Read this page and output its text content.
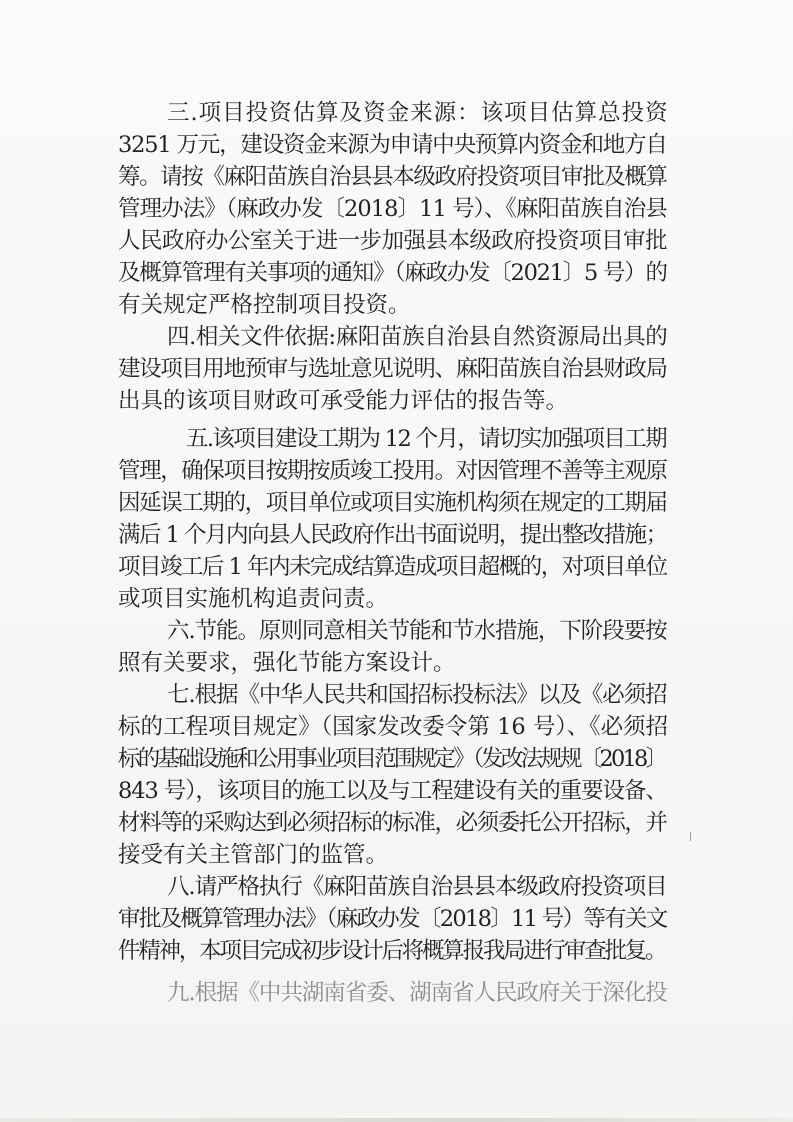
三.项目投资估算及资金来源：该项目估算总投资
3251 万元，建设资金来源为申请中央预算内资金和地方自
筹。请按《麻阳苗族自治县县本级政府投资项目审批及概算
管理办法》（麻政办发〔2018〕11 号）、《麻阳苗族自治县
人民政府办公室关于进一步加强县本级政府投资项目审批
及概算管理有关事项的通知》（麻政办发〔2021〕5 号）的
有关规定严格控制项目投资。
四.相关文件依据:麻阳苗族自治县自然资源局出具的
建设项目用地预审与选址意见说明、麻阳苗族自治县财政局
出具的该项目财政可承受能力评估的报告等。
五.该项目建设工期为 12 个月，请切实加强项目工期
管理，确保项目按期按质竣工投用。对因管理不善等主观原
因延误工期的，项目单位或项目实施机构须在规定的工期届
满后 1 个月内向县人民政府作出书面说明，提出整改措施；
项目竣工后 1 年内未完成结算造成项目超概的，对项目单位
或项目实施机构追责问责。
六.节能。原则同意相关节能和节水措施，下阶段要按
照有关要求，强化节能方案设计。
七.根据《中华人民共和国招标投标法》以及《必须招
标的工程项目规定》（国家发改委令第 16 号）、《必须招
标的基础设施和公用事业项目范围规定》（发改法规规〔2018〕
843 号），该项目的施工以及与工程建设有关的重要设备、
材料等的采购达到必须招标的标准，必须委托公开招标，并
接受有关主管部门的监管。
八.请严格执行《麻阳苗族自治县县本级政府投资项目
审批及概算管理办法》（麻政办发〔2018〕11 号）等有关文
件精神，本项目完成初步设计后将概算报我局进行审查批复。
九.根据《中共湖南省委、湖南省人民政府关于深化投
